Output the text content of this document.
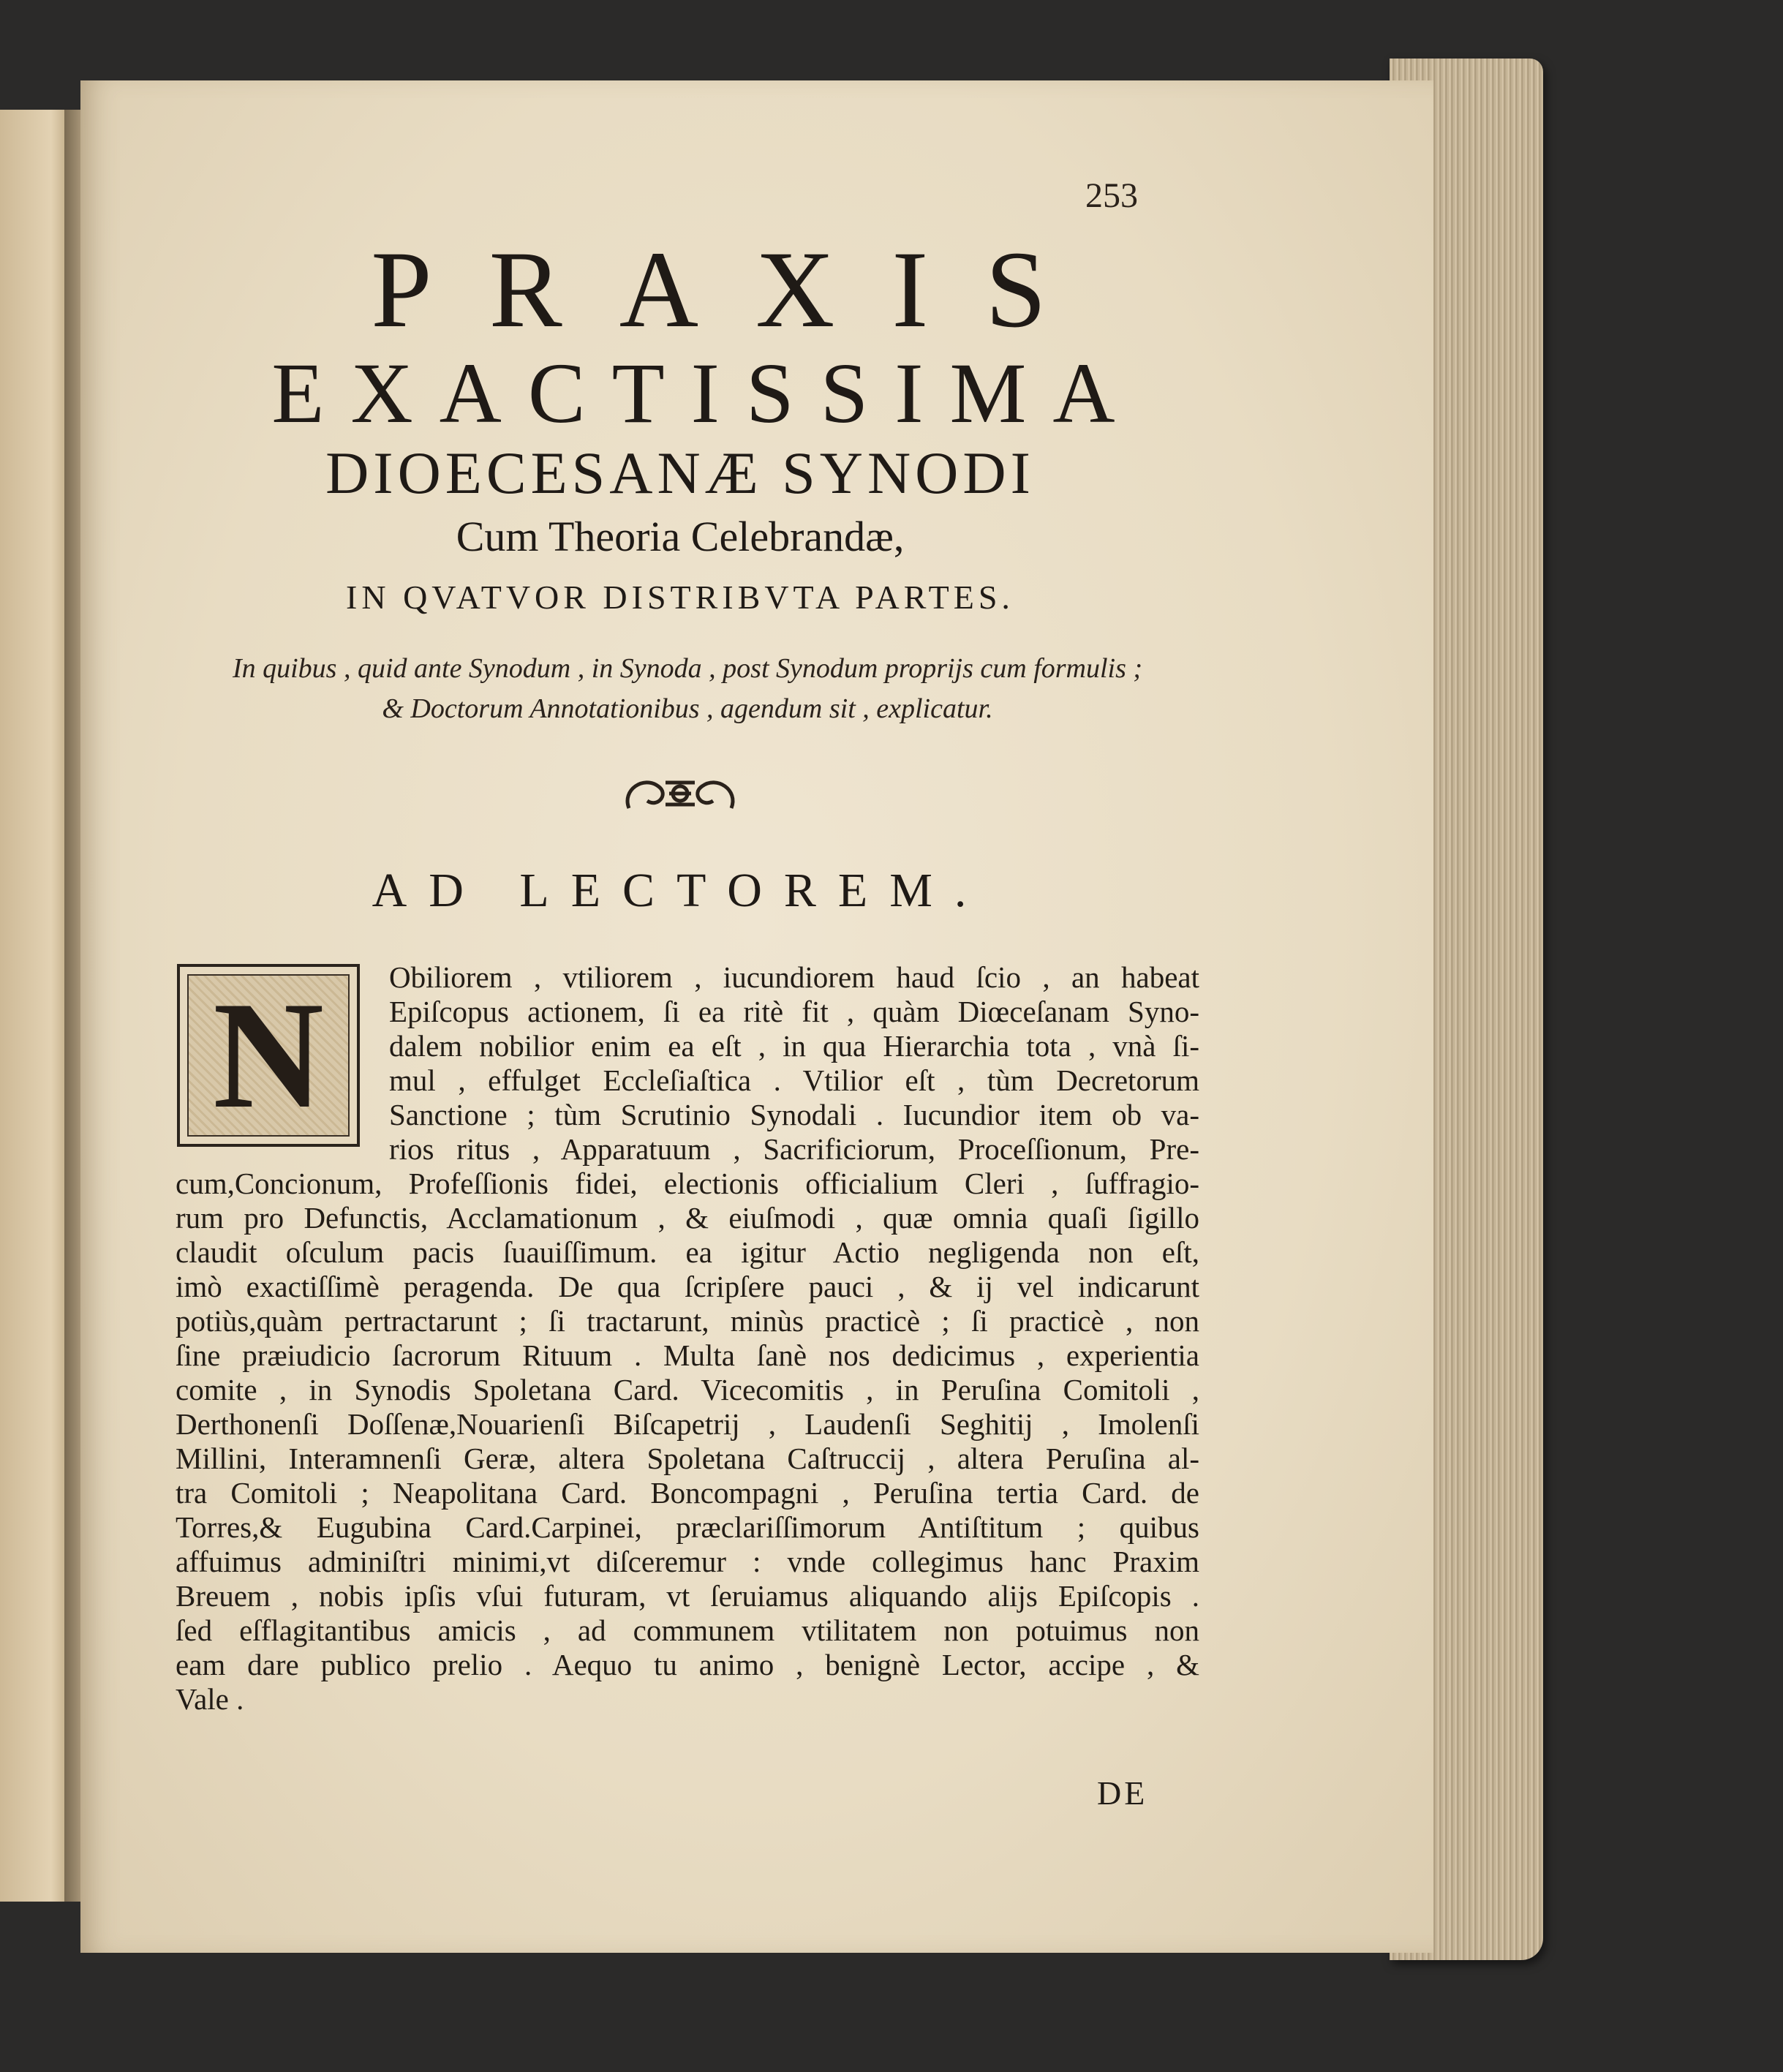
253
PRAXIS
EXACTISSIMA
DIOECESANÆ SYNODI
Cum Theoria Celebrandæ,
IN QVATVOR DISTRIBVTA PARTES.
In quibus , quid ante Synodum , in Synoda , post Synodum proprijs cum formulis ;
& Doctorum Annotationibus , agendum sit , explicatur.
AD LECTOREM.
N	Obiliorem , vtiliorem , iucundiorem haud ſcio , an habeat
Epiſcopus actionem, ſi ea ritè fit , quàm Diœceſanam Syno-
dalem nobilior enim ea eſt , in qua Hierarchia tota , vnà ſi-
mul , effulget Eccleſiaſtica . Vtilior eſt , tùm Decretorum
Sanctione ; tùm Scrutinio Synodali . Iucundior item ob va-
rios ritus , Apparatuum , Sacrificiorum, Proceſſionum, Pre-
cum,Concionum, Profeſſionis fidei, electionis officialium Cleri , ſuffragio-
rum pro Defunctis, Acclamationum , & eiuſmodi , quæ omnia quaſi ſigillo
claudit oſculum pacis ſuauiſſimum. ea igitur Actio negligenda non eſt,
imò exactiſſimè peragenda. De qua ſcripſere pauci , & ij vel indicarunt
potiùs,quàm pertractarunt ; ſi tractarunt, minùs practicè ; ſi practicè , non
ſine præiudicio ſacrorum Rituum . Multa ſanè nos dedicimus , experientia
comite , in Synodis Spoletana Card. Vicecomitis , in Peruſina Comitoli ,
Derthonenſi Doſſenæ,Nouarienſi Biſcapetrij , Laudenſi Seghitij , Imolenſi
Millini, Interamnenſi Geræ, altera Spoletana Caſtruccij , altera Peruſina al-
tra Comitoli ; Neapolitana Card. Boncompagni , Peruſina tertia Card. de
Torres,& Eugubina Card.Carpinei, præclariſſimorum Antiſtitum ; quibus
affuimus adminiſtri minimi,vt diſceremur : vnde collegimus hanc Praxim
Breuem , nobis ipſis vſui futuram, vt ſeruiamus aliquando alijs Epiſcopis .
ſed eſflagitantibus amicis , ad communem vtilitatem non potuimus non
eam dare publico prelio . Aequo tu animo , benignè Lector, accipe , &
Vale .
DE
